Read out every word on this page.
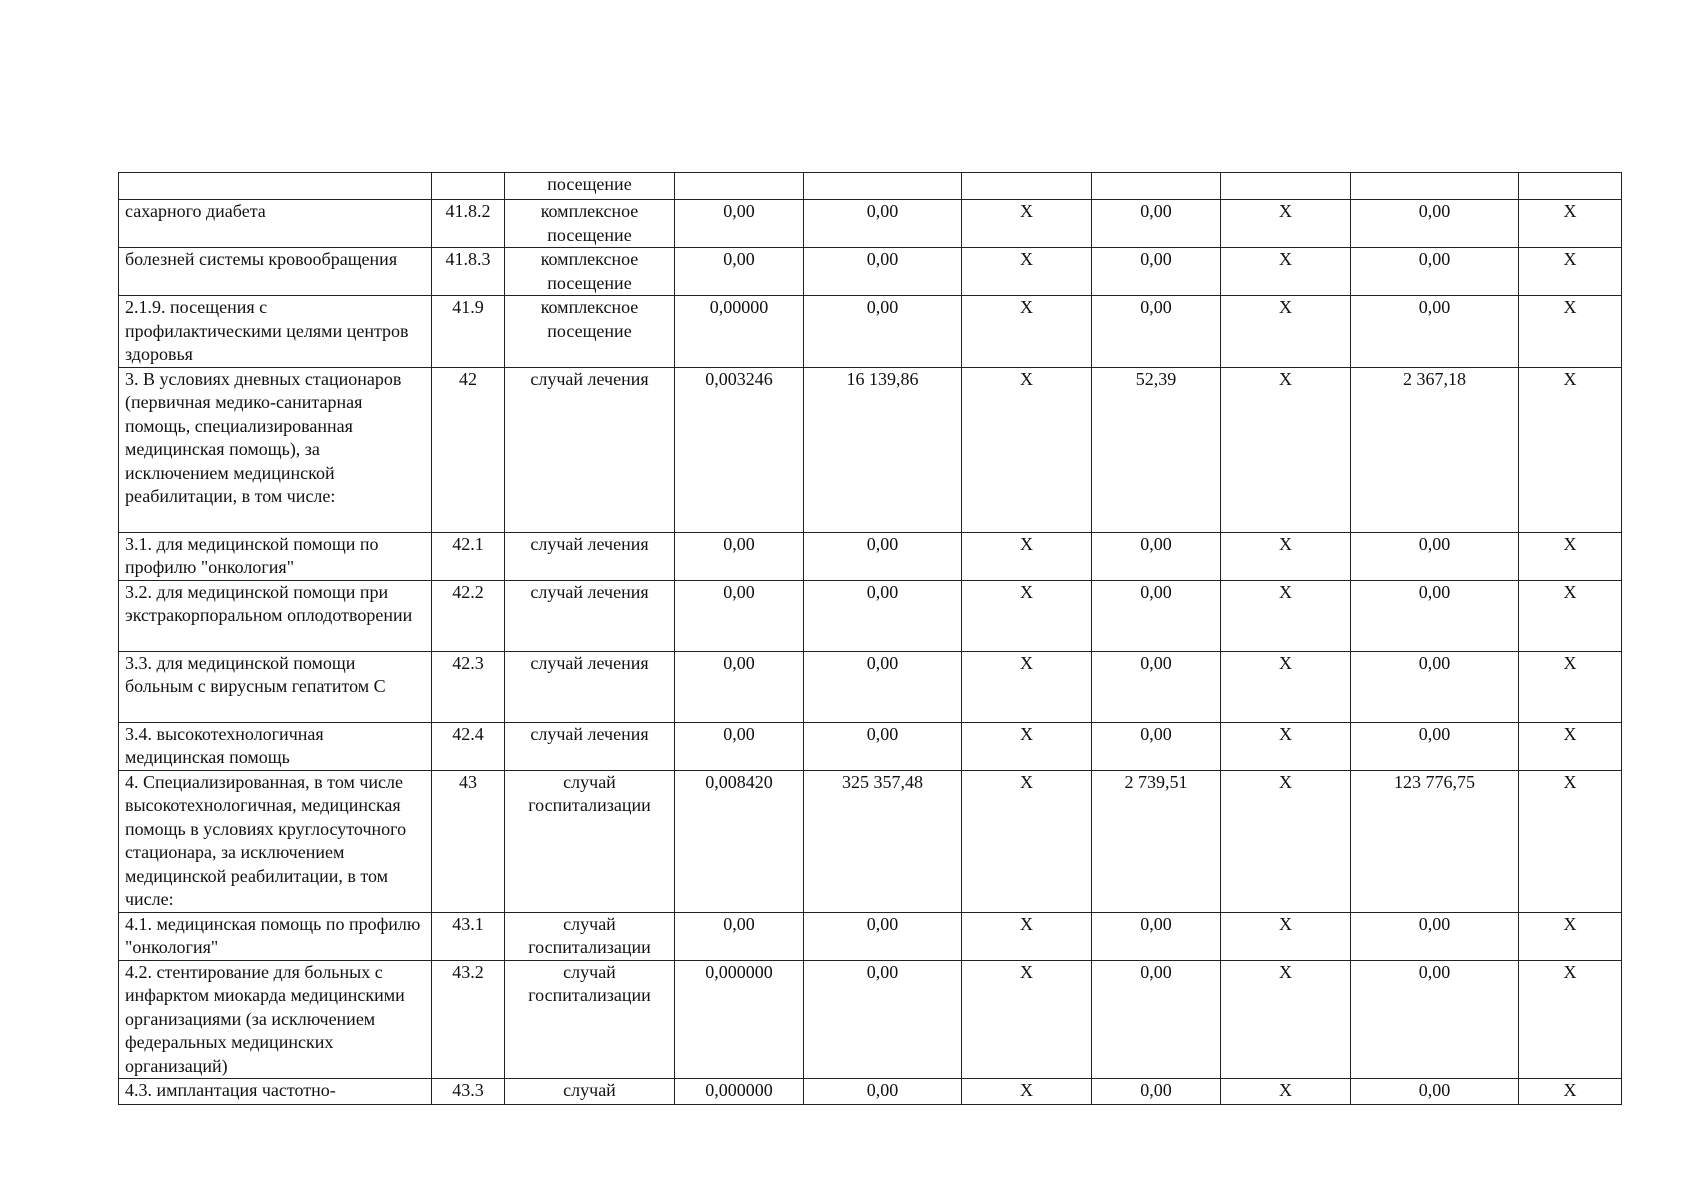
		посещение							
сахарного диабета	41.8.2	комплексное посещение	0,00	0,00	X	0,00	X	0,00	X
болезней системы кровообращения	41.8.3	комплексное посещение	0,00	0,00	X	0,00	X	0,00	X
2.1.9. посещения с профилактическими целями центров здоровья	41.9	комплексное посещение	0,00000	0,00	X	0,00	X	0,00	X
3. В условиях дневных стационаров (первичная медико-санитарная помощь, специализированная медицинская помощь), за исключением медицинской реабилитации, в том числе:	42	случай лечения	0,003246	16 139,86	X	52,39	X	2 367,18	X
3.1. для медицинской помощи по профилю "онкология"	42.1	случай лечения	0,00	0,00	X	0,00	X	0,00	X
3.2. для медицинской помощи при экстракорпоральном оплодотворении	42.2	случай лечения	0,00	0,00	X	0,00	X	0,00	X
3.3. для медицинской помощи больным с вирусным гепатитом С	42.3	случай лечения	0,00	0,00	X	0,00	X	0,00	X
3.4. высокотехнологичная медицинская помощь	42.4	случай лечения	0,00	0,00	X	0,00	X	0,00	X
4. Специализированная, в том числе высокотехнологичная, медицинская помощь в условиях круглосуточного стационара, за исключением медицинской реабилитации, в том числе:	43	случай госпитализации	0,008420	325 357,48	X	2 739,51	X	123 776,75	X
4.1. медицинская помощь по профилю "онкология"	43.1	случай госпитализации	0,00	0,00	X	0,00	X	0,00	X
4.2. стентирование для больных с инфарктом миокарда медицинскими организациями (за исключением федеральных медицинских организаций)	43.2	случай госпитализации	0,000000	0,00	X	0,00	X	0,00	X
4.3. имплантация частотно-	43.3	случай	0,000000	0,00	X	0,00	X	0,00	X
